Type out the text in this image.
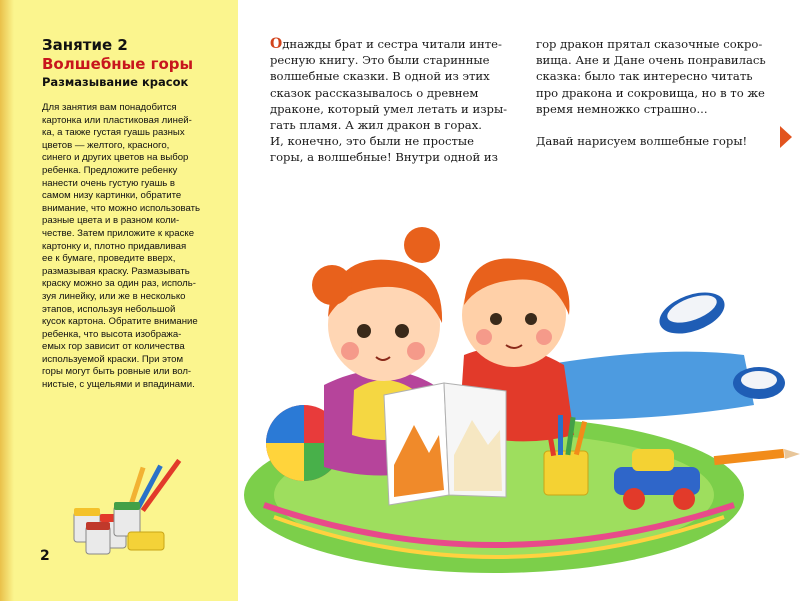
Занятие 2
Волшебные горы
Размазывание красок
Для занятия вам понадобится
картонка или пластиковая линей-
ка, а также густая гуашь разных
цветов — желтого, красного,
синего и других цветов на выбор
ребенка. Предложите ребенку
нанести очень густую гуашь в
самом низу картинки, обратите
внимание, что можно использовать
разные цвета и в разном коли-
честве. Затем приложите к краске
картонку и, плотно придавливая
ее к бумаге, проведите вверх,
размазывая краску. Размазывать
краску можно за один раз, исполь-
зуя линейку, или же в несколько
этапов, используя небольшой
кусок картона. Обратите внимание
ребенка, что высота изобража-
емых гор зависит от количества
используемой краски. При этом
горы могут быть ровные или вол-
нистые, с ущельями и впадинами.
2
Однажды брат и сестра читали инте-
ресную книгу. Это были старинные
волшебные сказки. В одной из этих
сказок рассказывалось о древнем
драконе, который умел летать и изры-
гать пламя. А жил дракон в горах.
И, конечно, это были не простые
горы, а волшебные! Внутри одной из
гор дракон прятал сказочные сокро-
вища. Ане и Дане очень понравилась
сказка: было так интересно читать
про дракона и сокровища, но в то же
время немножко страшно...

Давай нарисуем волшебные горы!
